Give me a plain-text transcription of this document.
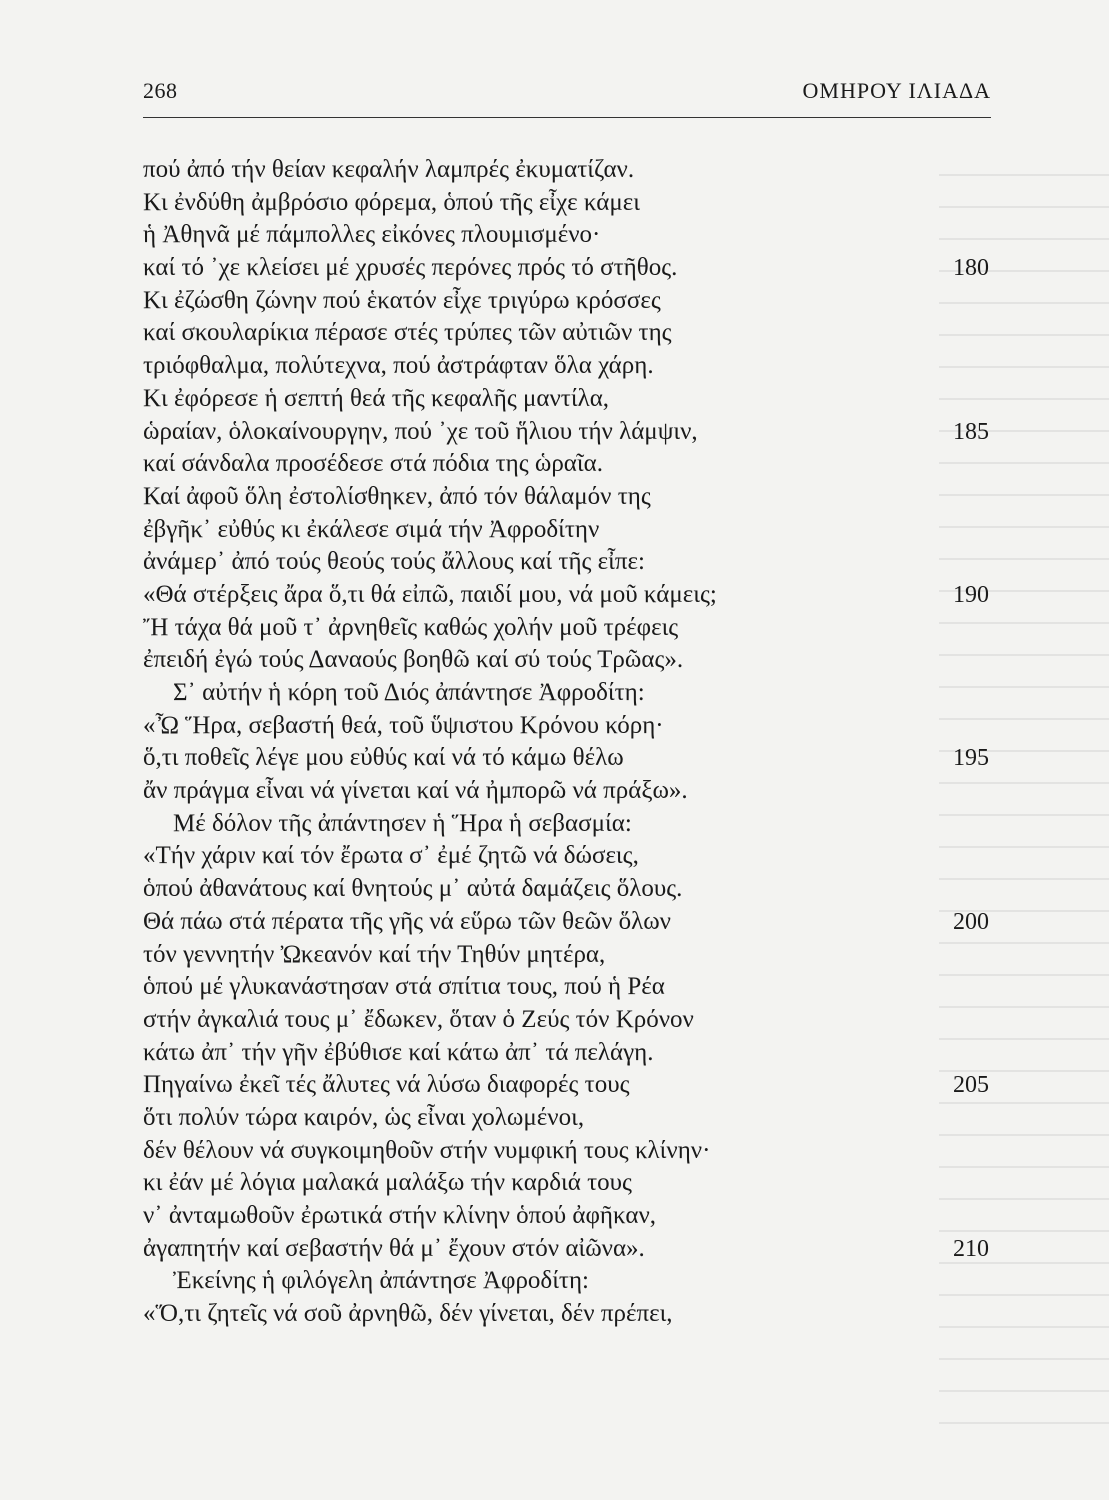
268	ΟΜΗΡΟΥ ΙΛΙΑΔΑ
πού ἀπό τήν θείαν κεφαλήν λαμπρές ἐκυματίζαν.
Κι ἐνδύθη ἀμβρόσιο φόρεμα, ὁπού τῆς εἶχε κάμει
ἡ Ἀθηνᾶ μέ πάμπολλες εἰκόνες πλουμισμένο·
καί τό ᾽χε κλείσει μέ χρυσές περόνες πρός τό στῆθος.	180
Κι ἐζώσθη ζώνην πού ἑκατόν εἶχε τριγύρω κρόσσες
καί σκουλαρίκια πέρασε στές τρύπες τῶν αὐτιῶν της
τριόφθαλμα, πολύτεχνα, πού ἀστράφταν ὅλα χάρη.
Κι ἐφόρεσε ἡ σεπτή θεά τῆς κεφαλῆς μαντίλα,
ὡραίαν, ὁλοκαίνουργην, πού ᾽χε τοῦ ἥλιου τήν λάμψιν,	185
καί σάνδαλα προσέδεσε στά πόδια της ὡραῖα.
Καί ἀφοῦ ὅλη ἐστολίσθηκεν, ἀπό τόν θάλαμόν της
ἐβγῆκ᾽ εὐθύς κι ἐκάλεσε σιμά τήν Ἀφροδίτην
ἀνάμερ᾽ ἀπό τούς θεούς τούς ἄλλους καί τῆς εἶπε:
«Θά στέρξεις ἄρα ὅ,τι θά εἰπῶ, παιδί μου, νά μοῦ κάμεις;	190
Ἤ τάχα θά μοῦ τ᾽ ἀρνηθεῖς καθώς χολήν μοῦ τρέφεις
ἐπειδή ἐγώ τούς Δαναούς βοηθῶ καί σύ τούς Τρῶας».
Σ᾽ αὐτήν ἡ κόρη τοῦ Διός ἀπάντησε Ἀφροδίτη:
«Ὦ Ἥρα, σεβαστή θεά, τοῦ ὕψιστου Κρόνου κόρη·
ὅ,τι ποθεῖς λέγε μου εὐθύς καί νά τό κάμω θέλω	195
ἄν πράγμα εἶναι νά γίνεται καί νά ἠμπορῶ νά πράξω».
Μέ δόλον τῆς ἀπάντησεν ἡ Ἥρα ἡ σεβασμία:
«Τήν χάριν καί τόν ἔρωτα σ᾽ ἐμέ ζητῶ νά δώσεις,
ὁπού ἀθανάτους καί θνητούς μ᾽ αὐτά δαμάζεις ὅλους.
Θά πάω στά πέρατα τῆς γῆς νά εὕρω τῶν θεῶν ὅλων	200
τόν γεννητήν Ὠκεανόν καί τήν Τηθύν μητέρα,
ὁπού μέ γλυκανάστησαν στά σπίτια τους, πού ἡ Ρέα
στήν ἀγκαλιά τους μ᾽ ἔδωκεν, ὅταν ὁ Ζεύς τόν Κρόνον
κάτω ἀπ᾽ τήν γῆν ἐβύθισε καί κάτω ἀπ᾽ τά πελάγη.
Πηγαίνω ἐκεῖ τές ἄλυτες νά λύσω διαφορές τους	205
ὅτι πολύν τώρα καιρόν, ὡς εἶναι χολωμένοι,
δέν θέλουν νά συγκοιμηθοῦν στήν νυμφική τους κλίνην·
κι ἐάν μέ λόγια μαλακά μαλάξω τήν καρδιά τους
ν᾽ ἀνταμωθοῦν ἐρωτικά στήν κλίνην ὁπού ἀφῆκαν,
ἀγαπητήν καί σεβαστήν θά μ᾽ ἔχουν στόν αἰῶνα».	210
Ἐκείνης ἡ φιλόγελη ἀπάντησε Ἀφροδίτη:
«Ὅ,τι ζητεῖς νά σοῦ ἀρνηθῶ, δέν γίνεται, δέν πρέπει,
